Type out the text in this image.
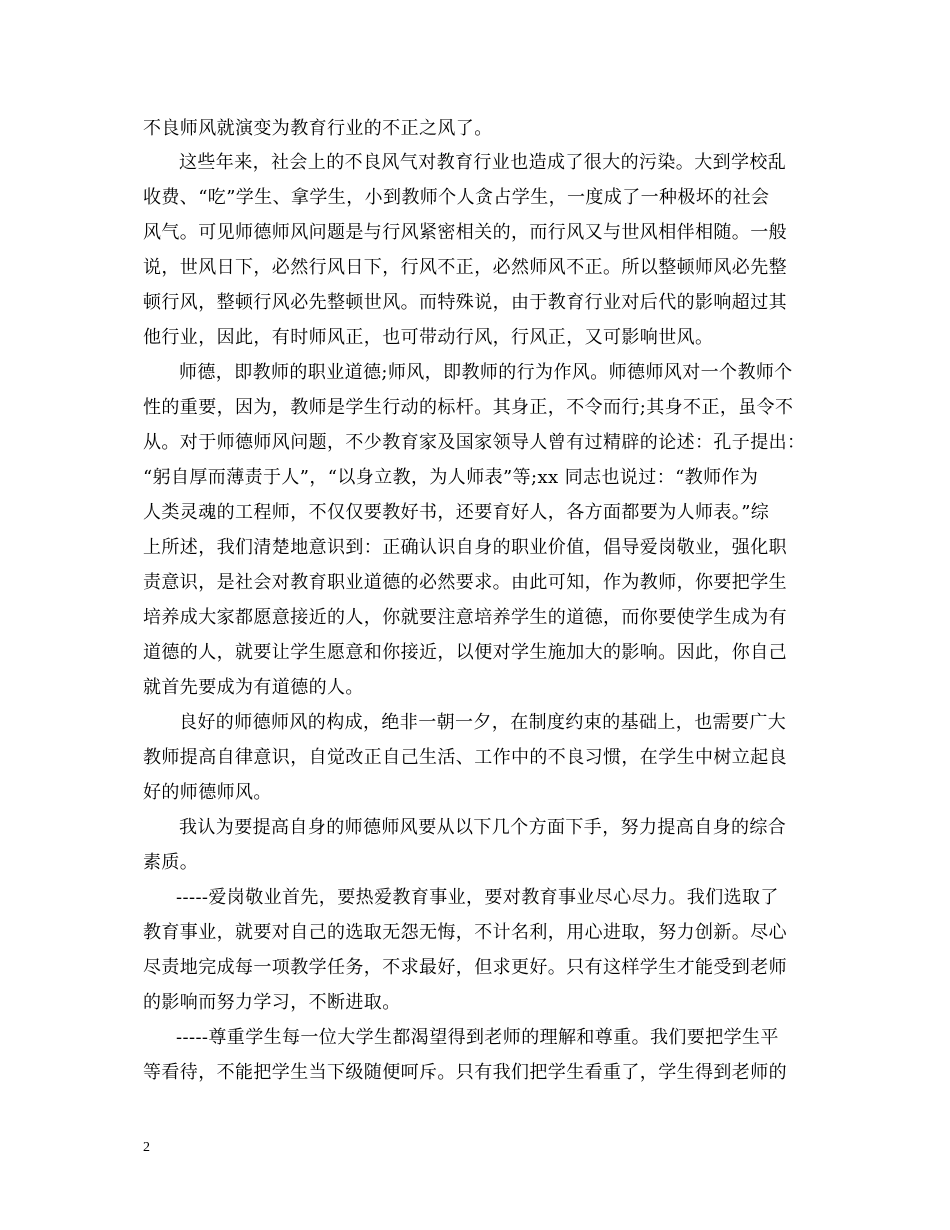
不良师风就演变为教育行业的不正之风了。
这些年来，社会上的不良风气对教育行业也造成了很大的污染。大到学校乱
收费、“吃”学生、拿学生，小到教师个人贪占学生，一度成了一种极坏的社会
风气。可见师德师风问题是与行风紧密相关的，而行风又与世风相伴相随。一般
说，世风日下，必然行风日下，行风不正，必然师风不正。所以整顿师风必先整
顿行风，整顿行风必先整顿世风。而特殊说，由于教育行业对后代的影响超过其
他行业，因此，有时师风正，也可带动行风，行风正，又可影响世风。
师德，即教师的职业道德;师风，即教师的行为作风。师德师风对一个教师个
性的重要，因为，教师是学生行动的标杆。其身正，不令而行;其身不正，虽令不
从。对于师德师风问题，不少教育家及国家领导人曾有过精辟的论述：孔子提出：
“躬自厚而薄责于人”，“以身立教，为人师表”等;xx 同志也说过：“教师作为
人类灵魂的工程师，不仅仅要教好书，还要育好人，各方面都要为人师表。”综
上所述，我们清楚地意识到：正确认识自身的职业价值，倡导爱岗敬业，强化职
责意识，是社会对教育职业道德的必然要求。由此可知，作为教师，你要把学生
培养成大家都愿意接近的人，你就要注意培养学生的道德，而你要使学生成为有
道德的人，就要让学生愿意和你接近，以便对学生施加大的影响。因此，你自己
就首先要成为有道德的人。
良好的师德师风的构成，绝非一朝一夕，在制度约束的基础上，也需要广大
教师提高自律意识，自觉改正自己生活、工作中的不良习惯，在学生中树立起良
好的师德师风。
我认为要提高自身的师德师风要从以下几个方面下手，努力提高自身的综合
素质。
-----爱岗敬业首先，要热爱教育事业，要对教育事业尽心尽力。我们选取了
教育事业，就要对自己的选取无怨无悔，不计名利，用心进取，努力创新。尽心
尽责地完成每一项教学任务，不求最好，但求更好。只有这样学生才能受到老师
的影响而努力学习，不断进取。
-----尊重学生每一位大学生都渴望得到老师的理解和尊重。我们要把学生平
等看待，不能把学生当下级随便呵斥。只有我们把学生看重了，学生得到老师的
2
